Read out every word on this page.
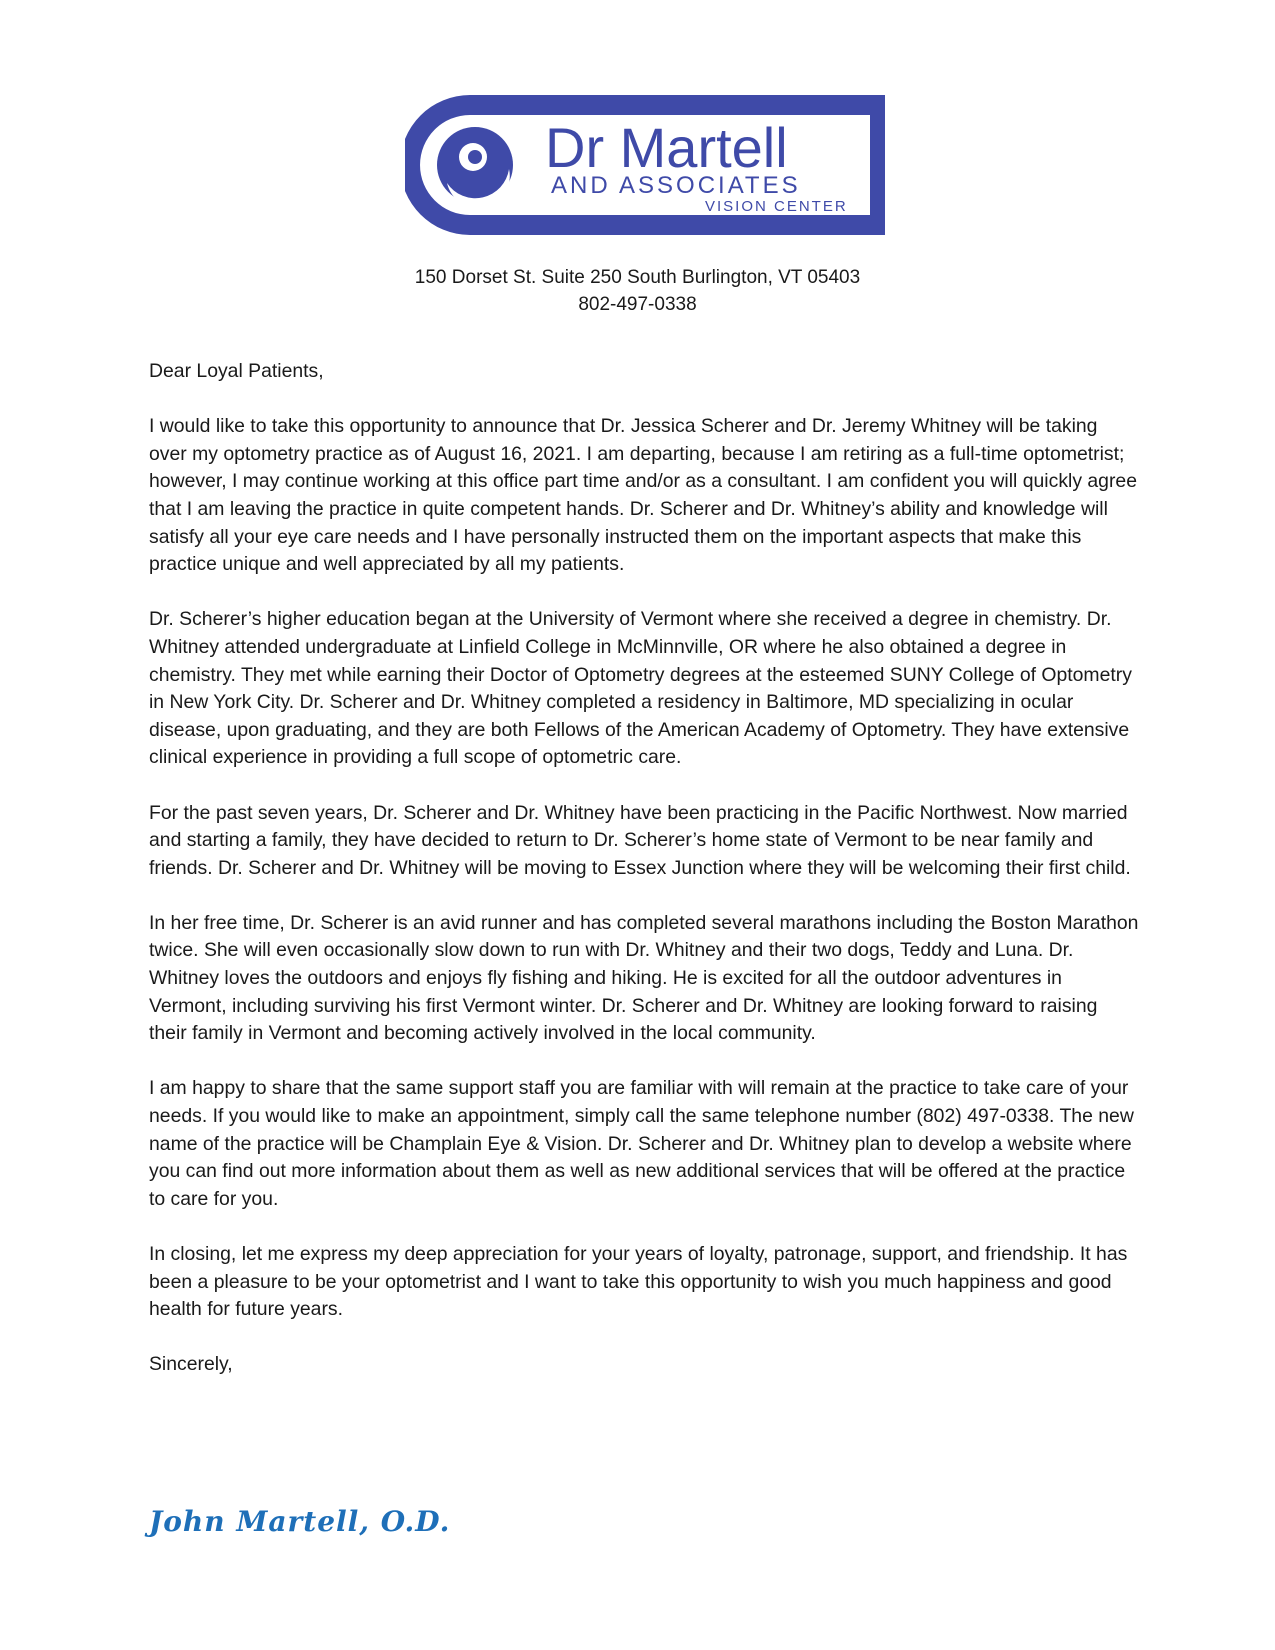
Dr Martell
AND ASSOCIATES
VISION CENTER
150 Dorset St. Suite 250 South Burlington, VT 05403
802-497-0338

Dear Loyal Patients,

I would like to take this opportunity to announce that Dr. Jessica Scherer and Dr. Jeremy Whitney will be taking over my optometry practice as of August 16, 2021. I am departing, because I am retiring as a full-time optometrist; however, I may continue working at this office part time and/or as a consultant. I am confident you will quickly agree that I am leaving the practice in quite competent hands. Dr. Scherer and Dr. Whitney’s ability and knowledge will satisfy all your eye care needs and I have personally instructed them on the important aspects that make this practice unique and well appreciated by all my patients.

Dr. Scherer’s higher education began at the University of Vermont where she received a degree in chemistry. Dr. Whitney attended undergraduate at Linfield College in McMinnville, OR where he also obtained a degree in chemistry. They met while earning their Doctor of Optometry degrees at the esteemed SUNY College of Optometry in New York City. Dr. Scherer and Dr. Whitney completed a residency in Baltimore, MD specializing in ocular disease, upon graduating, and they are both Fellows of the American Academy of Optometry. They have extensive clinical experience in providing a full scope of optometric care.

For the past seven years, Dr. Scherer and Dr. Whitney have been practicing in the Pacific Northwest. Now married and starting a family, they have decided to return to Dr. Scherer’s home state of Vermont to be near family and friends. Dr. Scherer and Dr. Whitney will be moving to Essex Junction where they will be welcoming their first child.

In her free time, Dr. Scherer is an avid runner and has completed several marathons including the Boston Marathon twice. She will even occasionally slow down to run with Dr. Whitney and their two dogs, Teddy and Luna. Dr. Whitney loves the outdoors and enjoys fly fishing and hiking. He is excited for all the outdoor adventures in Vermont, including surviving his first Vermont winter. Dr. Scherer and Dr. Whitney are looking forward to raising their family in Vermont and becoming actively involved in the local community.

I am happy to share that the same support staff you are familiar with will remain at the practice to take care of your needs. If you would like to make an appointment, simply call the same telephone number (802) 497-0338. The new name of the practice will be Champlain Eye & Vision. Dr. Scherer and Dr. Whitney plan to develop a website where you can find out more information about them as well as new additional services that will be offered at the practice to care for you.

In closing, let me express my deep appreciation for your years of loyalty, patronage, support, and friendship. It has been a pleasure to be your optometrist and I want to take this opportunity to wish you much happiness and good health for future years.

Sincerely,

John Martell, O.D.
